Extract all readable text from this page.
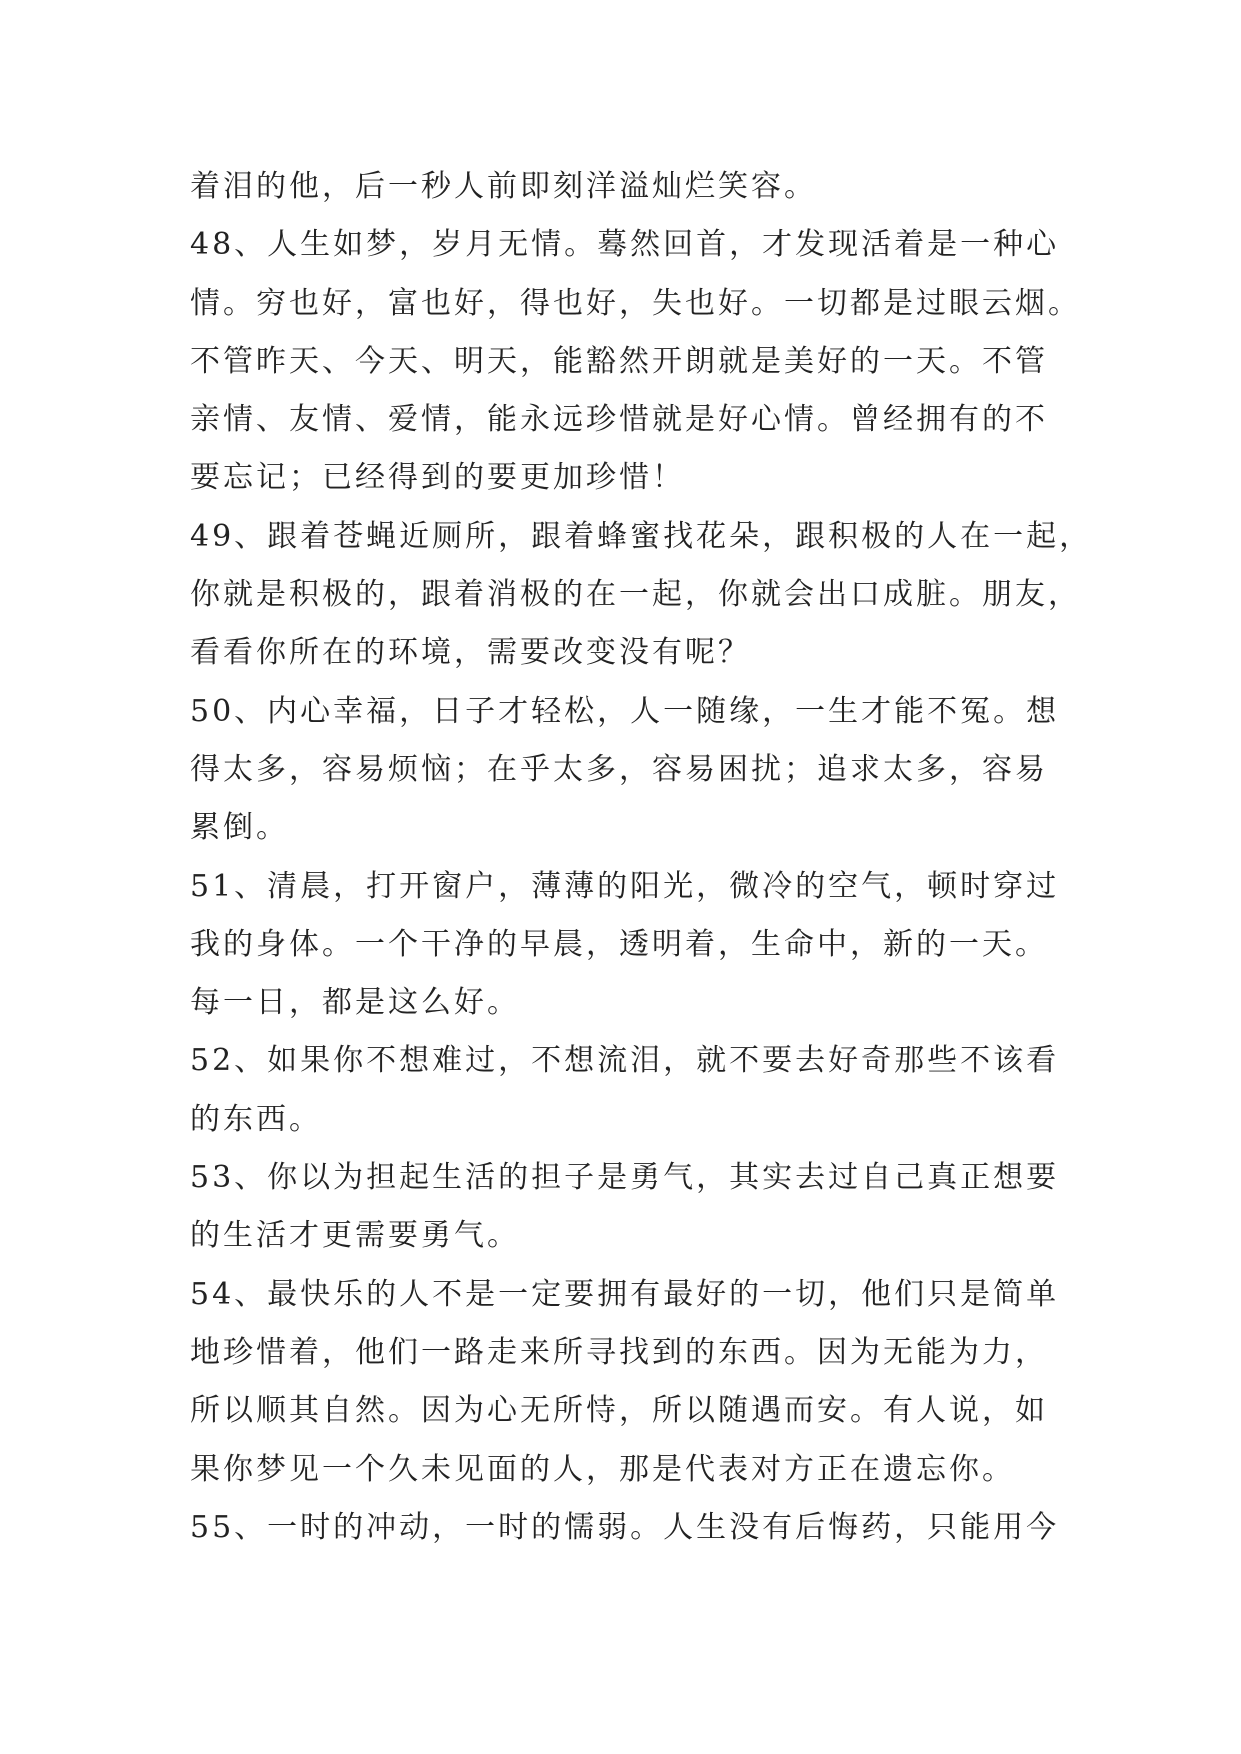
着泪的他，后一秒人前即刻洋溢灿烂笑容。
48、人生如梦，岁月无情。蓦然回首，才发现活着是一种心
情。穷也好，富也好，得也好，失也好。一切都是过眼云烟。
不管昨天、今天、明天，能豁然开朗就是美好的一天。不管
亲情、友情、爱情，能永远珍惜就是好心情。曾经拥有的不
要忘记；已经得到的要更加珍惜！
49、跟着苍蝇近厕所，跟着蜂蜜找花朵，跟积极的人在一起，
你就是积极的，跟着消极的在一起，你就会出口成脏。朋友，
看看你所在的环境，需要改变没有呢？
50、内心幸福，日子才轻松，人一随缘，一生才能不冤。想
得太多，容易烦恼；在乎太多，容易困扰；追求太多，容易
累倒。
51、清晨，打开窗户，薄薄的阳光，微冷的空气，顿时穿过
我的身体。一个干净的早晨，透明着，生命中，新的一天。
每一日，都是这么好。
52、如果你不想难过，不想流泪，就不要去好奇那些不该看
的东西。
53、你以为担起生活的担子是勇气，其实去过自己真正想要
的生活才更需要勇气。
54、最快乐的人不是一定要拥有最好的一切，他们只是简单
地珍惜着，他们一路走来所寻找到的东西。因为无能为力，
所以顺其自然。因为心无所恃，所以随遇而安。有人说，如
果你梦见一个久未见面的人，那是代表对方正在遗忘你。
55、一时的冲动，一时的懦弱。人生没有后悔药，只能用今
